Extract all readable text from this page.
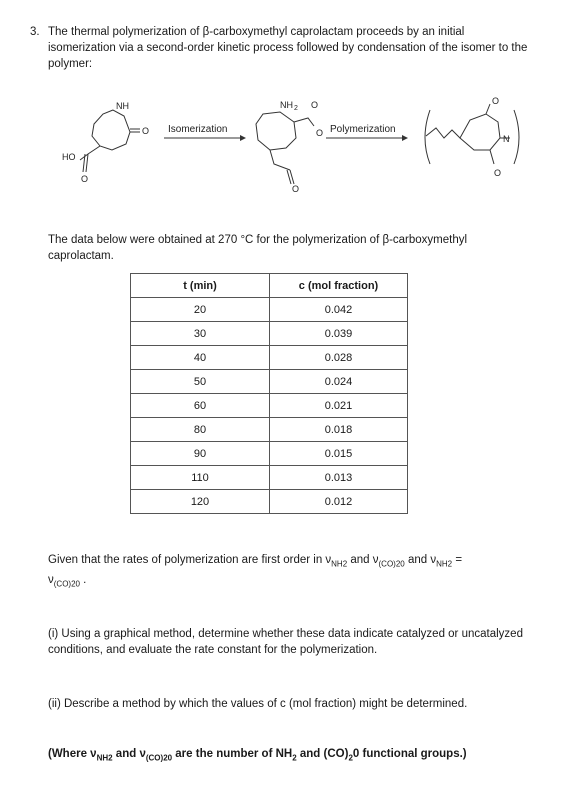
3. The thermal polymerization of β-carboxymethyl caprolactam proceeds by an initial isomerization via a second-order kinetic process followed by condensation of the isomer to the polymer:
NH
O
HO
O
Isomerization
NH 2 O
O
O
Polymerization
O
N
O
The data below were obtained at 270 °C for the polymerization of β-carboxymethyl caprolactam.
t (min)	c (mol fraction)
20	0.042
30	0.039
40	0.028
50	0.024
60	0.021
80	0.018
90	0.015
110	0.013
120	0.012
Given that the rates of polymerization are first order in $\nu_{NH2}$ and $\nu_{(CO)20}$ and $\nu_{NH2}$ =
$\nu_{(CO)20}$ .
(i) Using a graphical method, determine whether these data indicate catalyzed or uncatalyzed conditions, and evaluate the rate constant for the polymerization.
(ii) Describe a method by which the values of c (mol fraction) might be determined.
(Where $\nu_{NH2}$ and $\nu_{(CO)20}$ are the number of $NH_2$ and $(CO)_20$ functional groups.)
